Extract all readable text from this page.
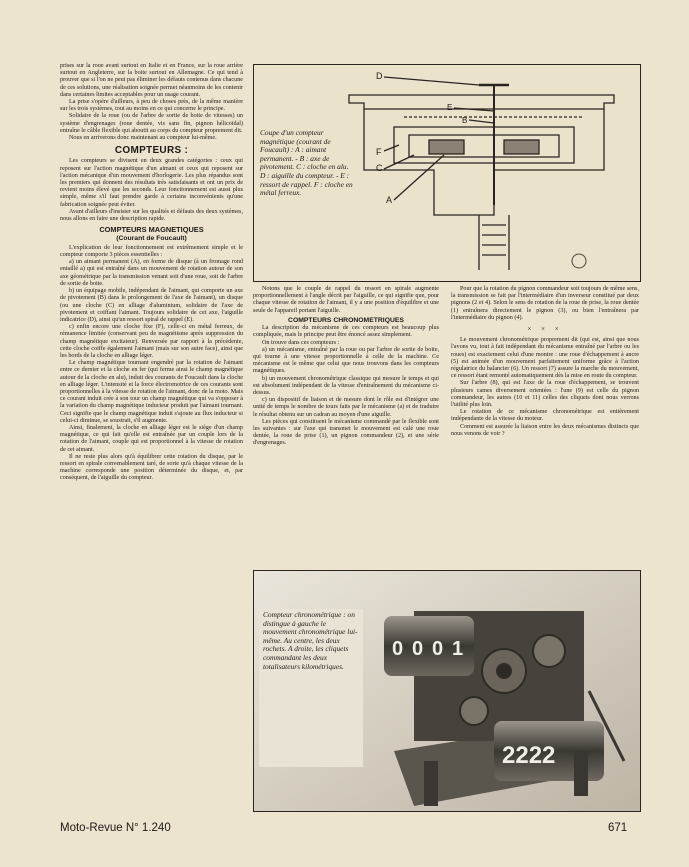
prises sur la roue avant surtout en Italie et en France, sur la roue arrière surtout en Angleterre, sur la boite surtout en Allemagne. Ce qui tend à prouver que si l'on ne peut pas éliminer les défauts contenus dans chacune de ces solutions, une réalisation soignée permet néanmoins de les contenir dans certaines limites acceptables pour un usage courant.

La prise s'opère d'ailleurs, à peu de choses près, de la même manière sur les trois systèmes, tout au moins en ce qui concerne le principe.

Solidaire de la roue (ou de l'arbre de sortie de boite de vitesses) un système d'engrenages (roue dentée, vis sans fin, pignon hélicoïdal) entraîne le câble flexible qui aboutit au corps du compteur proprement dit.

Nous en arriverons donc maintenant au compteur lui-même.

COMPTEURS :

Les compteurs se divisent en deux grandes catégories : ceux qui reposent sur l'action magnétique d'un aimant et ceux qui reposent sur l'action mécanique d'un mouvement d'horlogerie. Les plus répandus sont les premiers qui donnent des résultats très satisfaisants et ont un prix de revient moins élevé que les seconds. Leur fonctionnement est aussi plus simple, même s'il faut prendre garde à certains inconvénients qu'une fabrication soignée peut éviter.

Avant d'ailleurs d'insister sur les qualités et défauts des deux systèmes, nous allons en faire une description rapide.

COMPTEURS MAGNETIQUES
(Courant de Foucault)

L'explication de leur fonctionnement est extrêmement simple et le compteur comporte 3 pièces essentielles :

a) un aimant permanent (A), en forme de disque (à un fromage rond entaillé a) qui est entraîné dans un mouvement de rotation autour de son axe géométrique par la transmission venant soit d'une roue, soit de l'arbre de sortie de boite.

b) un équipage mobile, indépendant de l'aimant, qui comporte un axe de pivotement (B) dans le prolongement de l'axe de l'aimant), un disque (ou une cloche (C) en alliage d'aluminium, solidaire de l'axe de pivotement et coiffant l'aimant. Toujours solidaire de cet axe, l'aiguille indicatrice (D), ainsi qu'un ressort spiral de rappel (E).

c) enfin encore une cloche fixe (F), celle-ci en métal ferreux, de rémanence limitée (conservant peu de magnétisme après suppression du champ magnétique excitateur). Renversée par rapport à la précédente, cette cloche coiffe également l'aimant (mais sur son autre face), ainsi que les bords de la cloche en alliage léger.

Le champ magnétique tournant engendré par la rotation de l'aimant entre ce dernier et la cloche en fer (qui ferme ainsi le champ magnétique autour de la cloche en alu), induit des courants de Foucault dans la cloche en alliage léger. L'intensité et la force électromotrice de ces courants sont proportionnelles à la vitesse de rotation de l'aimant, donc de la moto. Mais ce courant induit crée à son tour un champ magnétique qui va s'opposer à la variation du champ magnétique inducteur produit par l'aimant tournant. Ceci signifie que le champ magnétique induit s'ajoute au flux inducteur si celui-ci diminue, se soustrait, s'il augmente.

Ainsi, finalement, la cloche en alliage léger est le siège d'un champ magnétique, ce qui fait qu'elle est entraînée par un couple lors de la rotation de l'aimant, couple qui est proportionnel à la vitesse de rotation de cet aimant.

Il ne reste plus alors qu'à équilibrer cette rotation du disque, par le ressort en spirale convenablement taré, de sorte qu'à chaque vitesse de la machine corresponde une position déterminée du disque, et, par conséquent, de l'aiguille du compteur.

D
E
B
F
C
A
Coupe d'un compteur magnétique (courant de Foucault) : A : aimant permanent. - B : axe de pivotement. C : cloche en alu. D : aiguille du compteur. - E : ressort de rappel. F : cloche en métal ferreux.

Notons que le couple de rappel du ressort en spirale augmente proportionnellement à l'angle décrit par l'aiguille, ce qui signifie que, pour chaque vitesse de rotation de l'aimant, il y a une position d'équilibre et une seule de l'appareil portant l'aiguille.

COMPTEURS CHRONOMETRIQUES

La description du mécanisme de ces compteurs est beaucoup plus compliquée, mais le principe peut être énoncé assez simplement.

On trouve dans ces compteurs :

a) un mécanisme, entraîné par la roue ou par l'arbre de sortie de boite, qui tourne à une vitesse proportionnelle à celle de la machine. Ce mécanisme est le même que celui que nous trouvons dans les compteurs magnétiques.

b) un mouvement chronométrique classique qui mesure le temps et qui est absolument indépendant de la vitesse d'entraînement du mécanisme ci-dessus.

c) un dispositif de liaison et de mesure dont le rôle est d'intégrer une unité de temps le nombre de tours faits par le mécanisme (a) et de traduire le résultat obtenu sur un cadran au moyen d'une aiguille.

Les pièces qui constituent le mécanisme commandé par le flexible sont les suivantes : sur l'axe qui transmet le mouvement est calé une roue dentée, la roue de prise (1), un pignon commandeur (2), et une série d'engrenages.

Pour que la rotation du pignon commandeur soit toujours de même sens, la transmission se fait par l'intermédiaire d'un inverseur constitué par deux pignons (2 et 4). Selon le sens de rotation de la roue de prise, la roue dentée (1) entraînera directement le pignon (3), ou bien l'entraînera par l'intermédiaire du pignon (4).

× × ×

Le mouvement chronométrique proprement dit (qui est, ainsi que nous l'avons vu, tout à fait indépendant du mécanisme entraîné par l'arbre ou les roues) est exactement celui d'une montre : une roue d'échappement à ancre (5) est animée d'un mouvement parfaitement uniforme grâce à l'action régulatrice du balancier (6). Un ressort (7) assure la marche du mouvement, ce ressort étant remonté automatiquement dès la mise en route du compteur.

Sur l'arbre (8), qui est l'axe de la roue d'échappement, se trouvent plusieurs cames diversement orientées : l'une (9) est celle du pignon commandeur, les autres (10 et 11) celles des cliquets dont nous verrons l'utilité plus loin.

Le rotation de ce mécanisme chronométrique est entièrement indépendante de la vitesse du moteur.

Comment est assurée la liaison entre les deux mécanismes distincts que nous venons de voir ?

0 0 0 1
2222
Compteur chronométrique : on distingue à gauche le mouvement chronométrique lui-même. Au centre, les deux rochets. A droite, les cliquets commandant les deux totalisateurs kilométriques.
Moto-Revue N° 1.240	671
